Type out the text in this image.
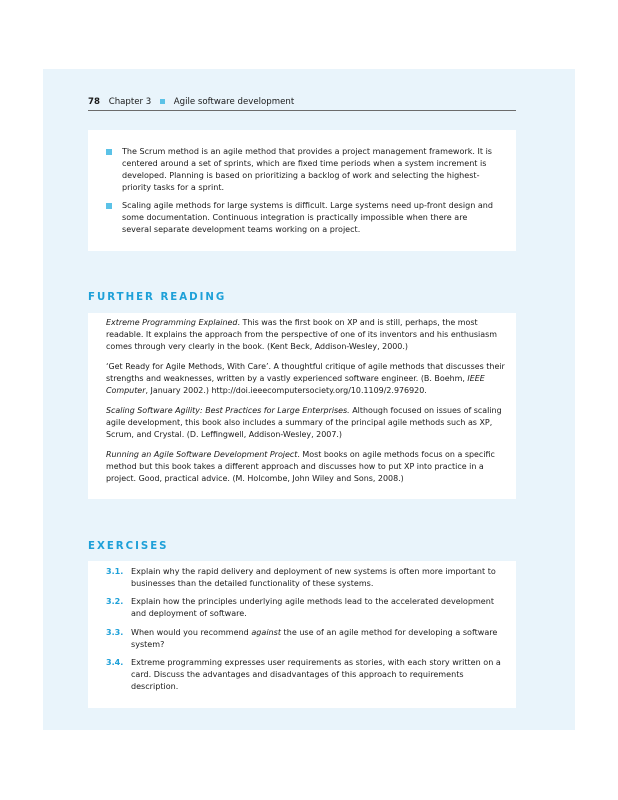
78 Chapter 3	Agile software development
The Scrum method is an agile method that provides a project management framework. It is centered around a set of sprints, which are fixed time periods when a system increment is developed. Planning is based on prioritizing a backlog of work and selecting the highest-priority tasks for a sprint.
Scaling agile methods for large systems is difficult. Large systems need up-front design and some documentation. Continuous integration is practically impossible when there are several separate development teams working on a project.
FURTHER READING
Extreme Programming Explained. This was the first book on XP and is still, perhaps, the most readable. It explains the approach from the perspective of one of its inventors and his enthusiasm comes through very clearly in the book. (Kent Beck, Addison-Wesley, 2000.)
‘Get Ready for Agile Methods, With Care’. A thoughtful critique of agile methods that discusses their strengths and weaknesses, written by a vastly experienced software engineer. (B. Boehm, IEEE Computer, January 2002.) http://doi.ieeecomputersociety.org/10.1109/2.976920.
Scaling Software Agility: Best Practices for Large Enterprises. Although focused on issues of scaling agile development, this book also includes a summary of the principal agile methods such as XP, Scrum, and Crystal. (D. Leffingwell, Addison-Wesley, 2007.)
Running an Agile Software Development Project. Most books on agile methods focus on a specific method but this book takes a different approach and discusses how to put XP into practice in a project. Good, practical advice. (M. Holcombe, John Wiley and Sons, 2008.)
EXERCISES
3.1. Explain why the rapid delivery and deployment of new systems is often more important to businesses than the detailed functionality of these systems.
3.2. Explain how the principles underlying agile methods lead to the accelerated development and deployment of software.
3.3. When would you recommend against the use of an agile method for developing a software system?
3.4. Extreme programming expresses user requirements as stories, with each story written on a card. Discuss the advantages and disadvantages of this approach to requirements description.
